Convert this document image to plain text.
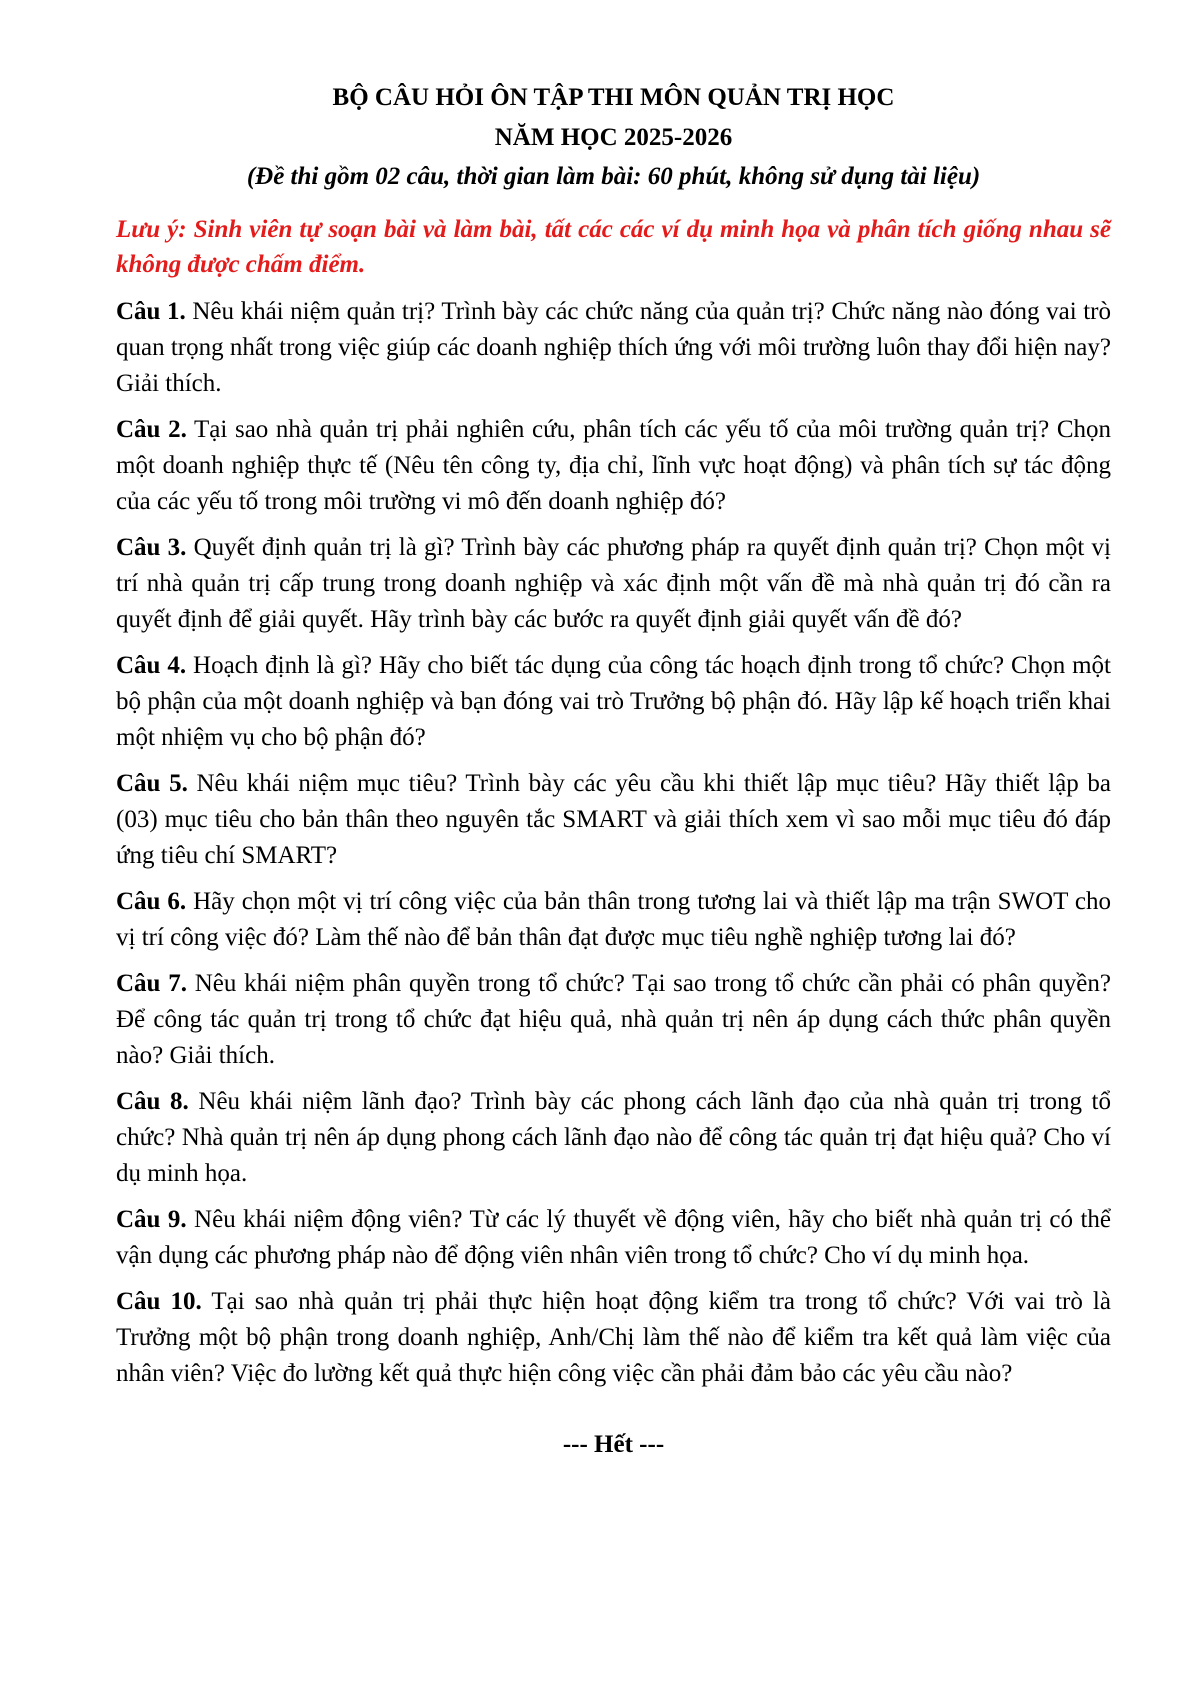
BỘ CÂU HỎI ÔN TẬP THI MÔN QUẢN TRỊ HỌC

NĂM HỌC 2025-2026

(Đề thi gồm 02 câu, thời gian làm bài: 60 phút, không sử dụng tài liệu)

Lưu ý: Sinh viên tự soạn bài và làm bài, tất các các ví dụ minh họa và phân tích giống nhau sẽ không được chấm điểm.

Câu 1. Nêu khái niệm quản trị? Trình bày các chức năng của quản trị? Chức năng nào đóng vai trò quan trọng nhất trong việc giúp các doanh nghiệp thích ứng với môi trường luôn thay đổi hiện nay? Giải thích.

Câu 2. Tại sao nhà quản trị phải nghiên cứu, phân tích các yếu tố của môi trường quản trị? Chọn một doanh nghiệp thực tế (Nêu tên công ty, địa chỉ, lĩnh vực hoạt động) và phân tích sự tác động của các yếu tố trong môi trường vi mô đến doanh nghiệp đó?

Câu 3. Quyết định quản trị là gì? Trình bày các phương pháp ra quyết định quản trị? Chọn một vị trí nhà quản trị cấp trung trong doanh nghiệp và xác định một vấn đề mà nhà quản trị đó cần ra quyết định để giải quyết. Hãy trình bày các bước ra quyết định giải quyết vấn đề đó?

Câu 4. Hoạch định là gì? Hãy cho biết tác dụng của công tác hoạch định trong tổ chức? Chọn một bộ phận của một doanh nghiệp và bạn đóng vai trò Trưởng bộ phận đó. Hãy lập kế hoạch triển khai một nhiệm vụ cho bộ phận đó?

Câu 5. Nêu khái niệm mục tiêu? Trình bày các yêu cầu khi thiết lập mục tiêu? Hãy thiết lập ba (03) mục tiêu cho bản thân theo nguyên tắc SMART và giải thích xem vì sao mỗi mục tiêu đó đáp ứng tiêu chí SMART?

Câu 6. Hãy chọn một vị trí công việc của bản thân trong tương lai và thiết lập ma trận SWOT cho vị trí công việc đó? Làm thế nào để bản thân đạt được mục tiêu nghề nghiệp tương lai đó?

Câu 7. Nêu khái niệm phân quyền trong tổ chức? Tại sao trong tổ chức cần phải có phân quyền? Để công tác quản trị trong tổ chức đạt hiệu quả, nhà quản trị nên áp dụng cách thức phân quyền nào? Giải thích.

Câu 8. Nêu khái niệm lãnh đạo? Trình bày các phong cách lãnh đạo của nhà quản trị trong tổ chức? Nhà quản trị nên áp dụng phong cách lãnh đạo nào để công tác quản trị đạt hiệu quả? Cho ví dụ minh họa.

Câu 9. Nêu khái niệm động viên? Từ các lý thuyết về động viên, hãy cho biết nhà quản trị có thể vận dụng các phương pháp nào để động viên nhân viên trong tổ chức? Cho ví dụ minh họa.

Câu 10. Tại sao nhà quản trị phải thực hiện hoạt động kiểm tra trong tổ chức? Với vai trò là Trưởng một bộ phận trong doanh nghiệp, Anh/Chị làm thế nào để kiểm tra kết quả làm việc của nhân viên? Việc đo lường kết quả thực hiện công việc cần phải đảm bảo các yêu cầu nào?

--- Hết ---
